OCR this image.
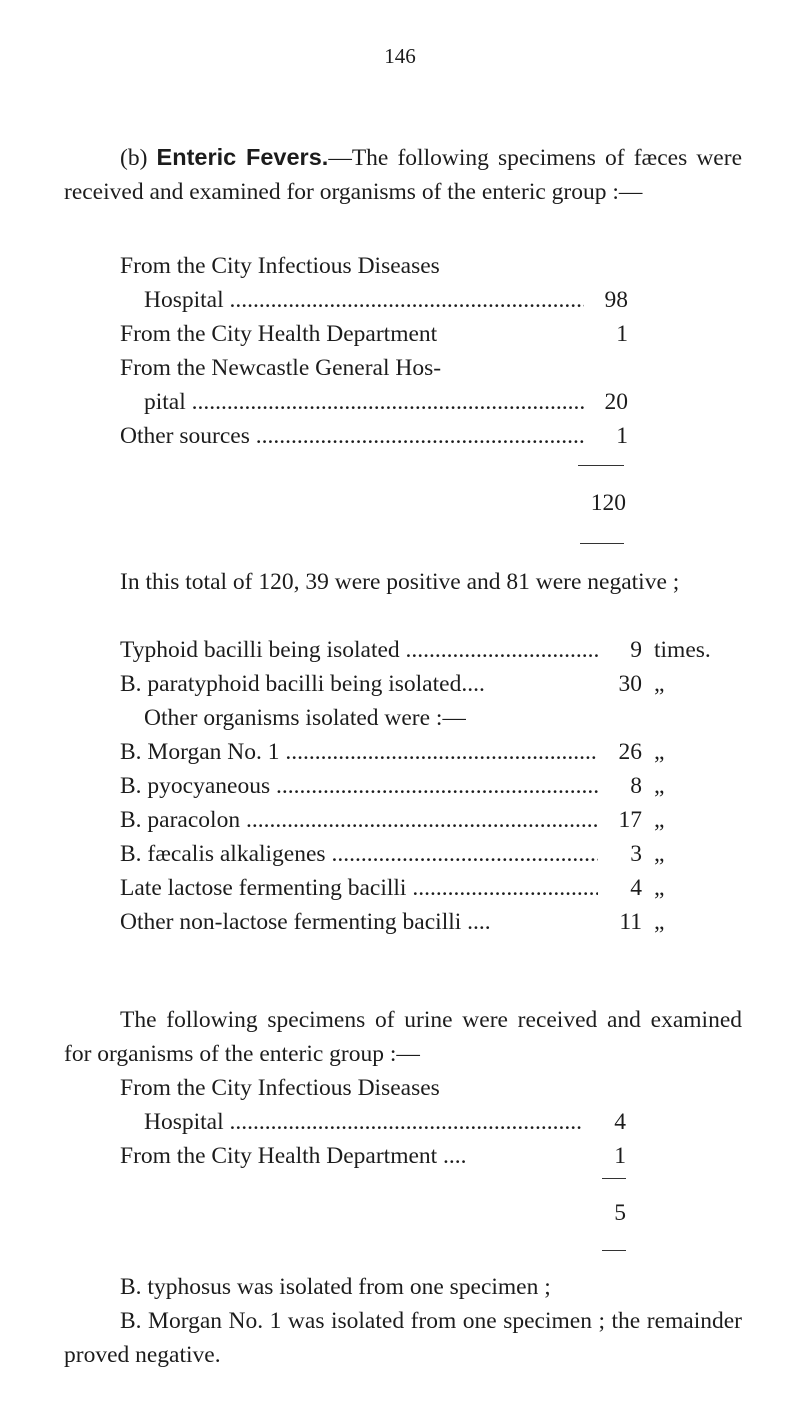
146
(b) Enteric Fevers.—The following specimens of fæces were received and examined for organisms of the enteric group :—
From the City Infectious Diseases
Hospital .....	98
From the City Health Department	1
From the Newcastle General Hos-
pital .....	20
Other sources .....	1
120
In this total of 120, 39 were positive and 81 were negative ;
Typhoid bacilli being isolated .....	9 times.
B. paratyphoid bacilli being isolated....	30 „
Other organisms isolated were :—
B. Morgan No. 1 .....	26 „
B. pyocyaneous .....	8 „
B. paracolon .....	17 „
B. fæcalis alkaligenes .....	3 „
Late lactose fermenting bacilli .....	4 „
Other non-lactose fermenting bacilli ....	11 „
The following specimens of urine were received and examined for organisms of the enteric group :—
From the City Infectious Diseases
Hospital .....	4
From the City Health Department ....	1
5
B. typhosus was isolated from one specimen ;
B. Morgan No. 1 was isolated from one specimen ; the remainder proved negative.
